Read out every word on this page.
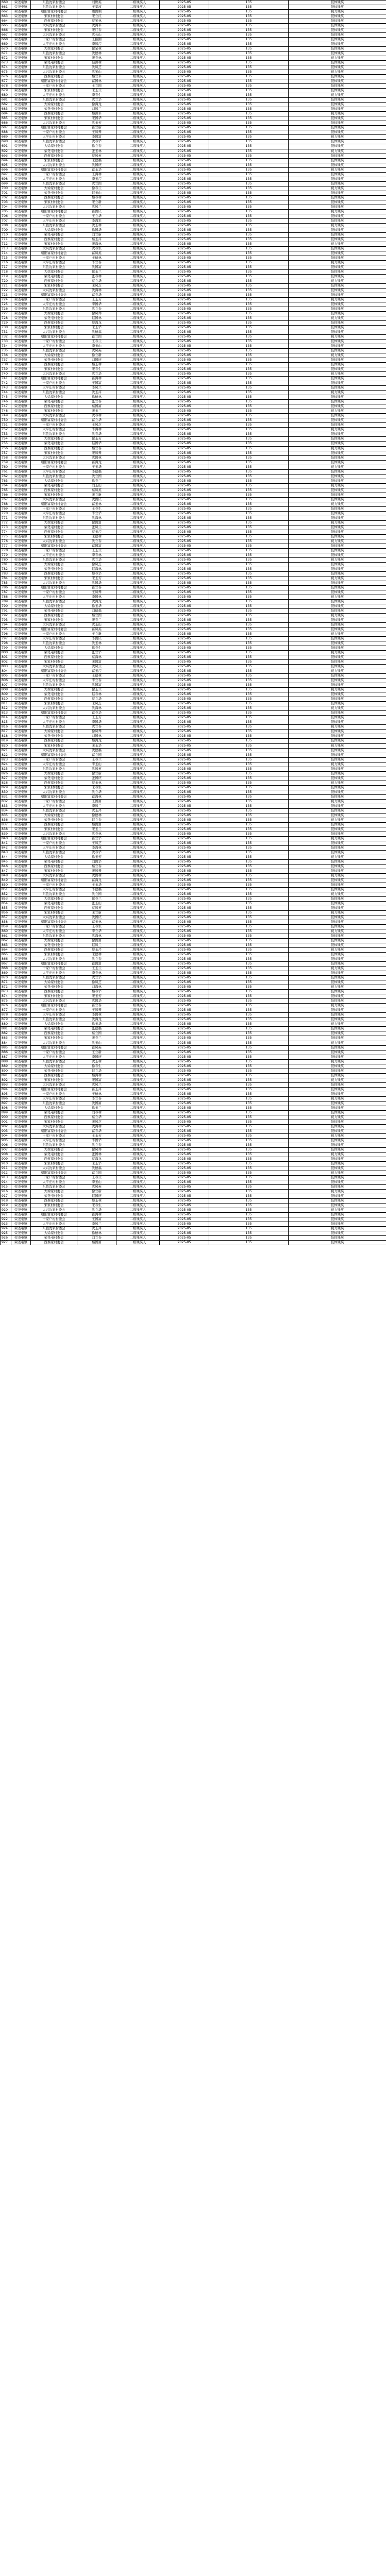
660	荣尧屯镇	东胜沈家村委会	刘世英	二级残疾人	2025-05	135	肢体残疾
661	荣尧屯镇	东胜沈家村委会	王景波	二级残疾人	2025-05	135	肢体残疾
662	荣尧屯镇	朝阳富家村村委会	鲍国顺	二级残疾人	2025-05	135	视力残疾
663	荣尧屯镇	宋家村村委会	宋立红	二级残疾人	2025-05	135	肢体残疾
664	荣尧屯镇	西蔡家村委会	蔡宝林	二级残疾人	2025-05	135	肢体残疾
665	荣尧屯镇	大兴沈家村委会	沈海军	二级残疾人	2025-05	135	肢体残疾
666	荣尧屯镇	宋家村村委会	宋红春	二级残疾人	2025-05	135	肢体残疾
667	荣尧屯镇	大兴沈家村委会	沈长山	二级残疾人	2025-05	135	肢体残疾
668	荣尧屯镇	十家户村村委会	王振刚	二级残疾人	2025-05	135	肢体残疾
669	荣尧屯镇	太平庄村村委会	李凤芹	二级残疾人	2025-05	135	肢体残疾
670	荣尧屯镇	大徐家村委会	徐宝林	二级残疾人	2025-05	135	肢体残疾
671	荣尧屯镇	东胜沈家村委会	沈德林	二级残疾人	2025-05	135	肢体残疾
672	荣尧屯镇	宋家村村委会	宋春林	二级残疾人	2025-05	135	视力残疾
673	荣尧屯镇	荣尧屯村委会	赵洪林	二级残疾人	2025-05	135	肢体残疾
674	荣尧屯镇	东胜沈家村委会	沈凤芝	二级残疾人	2025-05	135	肢体残疾
675	荣尧屯镇	大兴沈家村委会	沈宝山	二级残疾人	2025-05	135	视力残疾
676	荣尧屯镇	西蔡家村委会	蔡立军	二级残疾人	2025-05	135	肢体残疾
677	荣尧屯镇	朝阳富家村村委会	富国林	二级残疾人	2025-05	135	肢体残疾
678	荣尧屯镇	十家户村村委会	王立国	二级残疾人	2025-05	135	肢体残疾
679	荣尧屯镇	宋家村村委会	宋玉兰	二级残疾人	2025-05	135	肢体残疾
680	荣尧屯镇	太平庄村村委会	李春生	二级残疾人	2025-05	135	视力残疾
681	荣尧屯镇	东胜沈家村委会	沈立华	二级残疾人	2025-05	135	肢体残疾
682	荣尧屯镇	大徐家村委会	徐海龙	二级残疾人	2025-05	135	肢体残疾
683	荣尧屯镇	荣尧屯村委会	刘凤兰	二级残疾人	2025-05	135	肢体残疾
684	荣尧屯镇	西蔡家村委会	蔡洪军	二级残疾人	2025-05	135	视力残疾
685	荣尧屯镇	宋家村村委会	宋国华	二级残疾人	2025-05	135	肢体残疾
686	荣尧屯镇	大兴沈家村委会	沈玉芳	二级残疾人	2025-05	135	肢体残疾
687	荣尧屯镇	朝阳富家村村委会	富立新	二级残疾人	2025-05	135	肢体残疾
688	荣尧屯镇	十家户村村委会	王凤琴	二级残疾人	2025-05	135	肢体残疾
689	荣尧屯镇	太平庄村村委会	李国富	二级残疾人	2025-05	135	视力残疾
690	荣尧屯镇	东胜沈家村委会	沈春华	二级残疾人	2025-05	135	肢体残疾
691	荣尧屯镇	大徐家村委会	徐立春	二级残疾人	2025-05	135	肢体残疾
692	荣尧屯镇	荣尧屯村委会	张玉林	二级残疾人	2025-05	135	视力残疾
693	荣尧屯镇	西蔡家村委会	蔡凤英	二级残疾人	2025-05	135	肢体残疾
694	荣尧屯镇	宋家村村委会	宋德福	二级残疾人	2025-05	135	肢体残疾
695	荣尧屯镇	大兴沈家村委会	沈国庆	二级残疾人	2025-05	135	肢体残疾
696	荣尧屯镇	朝阳富家村村委会	富玉华	二级残疾人	2025-05	135	视力残疾
697	荣尧屯镇	十家户村村委会	王海林	二级残疾人	2025-05	135	肢体残疾
698	荣尧屯镇	太平庄村村委会	李玉芹	二级残疾人	2025-05	135	肢体残疾
699	荣尧屯镇	东胜沈家村委会	沈立国	二级残疾人	2025-05	135	肢体残疾
700	荣尧屯镇	大徐家村委会	徐春兰	二级残疾人	2025-05	135	视力残疾
701	荣尧屯镇	荣尧屯村委会	赵玉山	二级残疾人	2025-05	135	肢体残疾
702	荣尧屯镇	西蔡家村委会	蔡春林	二级残疾人	2025-05	135	肢体残疾
703	荣尧屯镇	宋家村村委会	宋立新	二级残疾人	2025-05	135	肢体残疾
704	荣尧屯镇	大兴沈家村委会	沈凤兰	二级残疾人	2025-05	135	肢体残疾
705	荣尧屯镇	朝阳富家村村委会	富国庆	二级残疾人	2025-05	135	视力残疾
706	荣尧屯镇	十家户村村委会	王立华	二级残疾人	2025-05	135	肢体残疾
707	荣尧屯镇	太平庄村村委会	李海军	二级残疾人	2025-05	135	肢体残疾
708	荣尧屯镇	东胜沈家村委会	沈玉林	二级残疾人	2025-05	135	视力残疾
709	荣尧屯镇	大徐家村委会	徐国华	二级残疾人	2025-05	135	肢体残疾
710	荣尧屯镇	荣尧屯村委会	刘立新	二级残疾人	2025-05	135	肢体残疾
711	荣尧屯镇	西蔡家村委会	蔡玉芹	二级残疾人	2025-05	135	肢体残疾
712	荣尧屯镇	宋家村村委会	宋海林	二级残疾人	2025-05	135	视力残疾
713	荣尧屯镇	大兴沈家村委会	沈春生	二级残疾人	2025-05	135	肢体残疾
714	荣尧屯镇	朝阳富家村村委会	富凤英	二级残疾人	2025-05	135	肢体残疾
715	荣尧屯镇	十家户村村委会	王德林	二级残疾人	2025-05	135	肢体残疾
716	荣尧屯镇	太平庄村村委会	李立春	二级残疾人	2025-05	135	视力残疾
717	荣尧屯镇	东胜沈家村委会	沈国富	二级残疾人	2025-05	135	肢体残疾
718	荣尧屯镇	大徐家村委会	徐玉兰	二级残疾人	2025-05	135	肢体残疾
719	荣尧屯镇	荣尧屯村委会	张春林	二级残疾人	2025-05	135	肢体残疾
720	荣尧屯镇	西蔡家村委会	蔡立华	二级残疾人	2025-05	135	视力残疾
721	荣尧屯镇	宋家村村委会	宋凤芝	二级残疾人	2025-05	135	肢体残疾
722	荣尧屯镇	大兴沈家村委会	沈海林	二级残疾人	2025-05	135	肢体残疾
723	荣尧屯镇	朝阳富家村村委会	富春华	二级残疾人	2025-05	135	肢体残疾
724	荣尧屯镇	十家户村村委会	王玉芳	二级残疾人	2025-05	135	视力残疾
725	荣尧屯镇	太平庄村村委会	李国华	二级残疾人	2025-05	135	肢体残疾
726	荣尧屯镇	东胜沈家村委会	沈立春	二级残疾人	2025-05	135	肢体残疾
727	荣尧屯镇	大徐家村委会	徐凤琴	二级残疾人	2025-05	135	肢体残疾
728	荣尧屯镇	荣尧屯村委会	赵国林	二级残疾人	2025-05	135	视力残疾
729	荣尧屯镇	西蔡家村委会	蔡海龙	二级残疾人	2025-05	135	肢体残疾
730	荣尧屯镇	宋家村村委会	宋玉华	二级残疾人	2025-05	135	肢体残疾
731	荣尧屯镇	大兴沈家村委会	沈德福	二级残疾人	2025-05	135	肢体残疾
732	荣尧屯镇	朝阳富家村村委会	富立国	二级残疾人	2025-05	135	视力残疾
733	荣尧屯镇	十家户村村委会	王春兰	二级残疾人	2025-05	135	肢体残疾
734	荣尧屯镇	太平庄村村委会	李玉山	二级残疾人	2025-05	135	肢体残疾
735	荣尧屯镇	东胜沈家村委会	沈凤英	二级残疾人	2025-05	135	肢体残疾
736	荣尧屯镇	大徐家村委会	徐立新	二级残疾人	2025-05	135	视力残疾
737	荣尧屯镇	荣尧屯村委会	刘国庆	二级残疾人	2025-05	135	肢体残疾
738	荣尧屯镇	西蔡家村委会	蔡玉林	二级残疾人	2025-05	135	肢体残疾
739	荣尧屯镇	宋家村村委会	宋春生	二级残疾人	2025-05	135	肢体残疾
740	荣尧屯镇	大兴沈家村委会	沈立华	二级残疾人	2025-05	135	视力残疾
741	荣尧屯镇	朝阳富家村村委会	富海林	二级残疾人	2025-05	135	肢体残疾
742	荣尧屯镇	十家户村村委会	王国富	二级残疾人	2025-05	135	肢体残疾
743	荣尧屯镇	太平庄村村委会	李凤兰	二级残疾人	2025-05	135	肢体残疾
744	荣尧屯镇	东胜沈家村委会	沈玉芹	二级残疾人	2025-05	135	视力残疾
745	荣尧屯镇	大徐家村委会	徐德林	二级残疾人	2025-05	135	肢体残疾
746	荣尧屯镇	荣尧屯村委会	张立春	二级残疾人	2025-05	135	肢体残疾
747	荣尧屯镇	西蔡家村委会	蔡国富	二级残疾人	2025-05	135	肢体残疾
748	荣尧屯镇	宋家村村委会	宋玉兰	二级残疾人	2025-05	135	视力残疾
749	荣尧屯镇	大兴沈家村委会	沈春林	二级残疾人	2025-05	135	肢体残疾
750	荣尧屯镇	朝阳富家村村委会	富立华	二级残疾人	2025-05	135	肢体残疾
751	荣尧屯镇	十家户村村委会	王凤芝	二级残疾人	2025-05	135	肢体残疾
752	荣尧屯镇	太平庄村村委会	李海林	二级残疾人	2025-05	135	视力残疾
753	荣尧屯镇	东胜沈家村委会	沈春华	二级残疾人	2025-05	135	肢体残疾
754	荣尧屯镇	大徐家村委会	徐玉芳	二级残疾人	2025-05	135	肢体残疾
755	荣尧屯镇	荣尧屯村委会	赵国华	二级残疾人	2025-05	135	肢体残疾
756	荣尧屯镇	西蔡家村委会	蔡立春	二级残疾人	2025-05	135	视力残疾
757	荣尧屯镇	宋家村村委会	宋凤琴	二级残疾人	2025-05	135	肢体残疾
758	荣尧屯镇	大兴沈家村委会	沈国林	二级残疾人	2025-05	135	肢体残疾
759	荣尧屯镇	朝阳富家村村委会	富海龙	二级残疾人	2025-05	135	肢体残疾
760	荣尧屯镇	十家户村村委会	王玉华	二级残疾人	2025-05	135	视力残疾
761	荣尧屯镇	太平庄村村委会	李德福	二级残疾人	2025-05	135	肢体残疾
762	荣尧屯镇	东胜沈家村委会	沈立国	二级残疾人	2025-05	135	肢体残疾
763	荣尧屯镇	大徐家村委会	徐春兰	二级残疾人	2025-05	135	肢体残疾
764	荣尧屯镇	荣尧屯村委会	刘玉山	二级残疾人	2025-05	135	视力残疾
765	荣尧屯镇	西蔡家村委会	蔡凤英	二级残疾人	2025-05	135	肢体残疾
766	荣尧屯镇	宋家村村委会	宋立新	二级残疾人	2025-05	135	肢体残疾
767	荣尧屯镇	大兴沈家村委会	沈国庆	二级残疾人	2025-05	135	肢体残疾
768	荣尧屯镇	朝阳富家村村委会	富玉林	二级残疾人	2025-05	135	视力残疾
769	荣尧屯镇	十家户村村委会	王春生	二级残疾人	2025-05	135	肢体残疾
770	荣尧屯镇	太平庄村村委会	李立华	二级残疾人	2025-05	135	肢体残疾
771	荣尧屯镇	东胜沈家村委会	沈海林	二级残疾人	2025-05	135	肢体残疾
772	荣尧屯镇	大徐家村委会	徐国富	二级残疾人	2025-05	135	视力残疾
773	荣尧屯镇	荣尧屯村委会	张凤兰	二级残疾人	2025-05	135	肢体残疾
774	荣尧屯镇	西蔡家村委会	蔡玉芹	二级残疾人	2025-05	135	肢体残疾
775	荣尧屯镇	宋家村村委会	宋德林	二级残疾人	2025-05	135	肢体残疾
776	荣尧屯镇	大兴沈家村委会	沈立春	二级残疾人	2025-05	135	视力残疾
777	荣尧屯镇	朝阳富家村村委会	富国富	二级残疾人	2025-05	135	肢体残疾
778	荣尧屯镇	十家户村村委会	王玉兰	二级残疾人	2025-05	135	肢体残疾
779	荣尧屯镇	太平庄村村委会	李春林	二级残疾人	2025-05	135	肢体残疾
780	荣尧屯镇	东胜沈家村委会	沈立华	二级残疾人	2025-05	135	视力残疾
781	荣尧屯镇	大徐家村委会	徐凤芝	二级残疾人	2025-05	135	肢体残疾
782	荣尧屯镇	荣尧屯村委会	赵海林	二级残疾人	2025-05	135	肢体残疾
783	荣尧屯镇	西蔡家村委会	蔡春华	二级残疾人	2025-05	135	肢体残疾
784	荣尧屯镇	宋家村村委会	宋玉芳	二级残疾人	2025-05	135	视力残疾
785	荣尧屯镇	大兴沈家村委会	沈国华	二级残疾人	2025-05	135	肢体残疾
786	荣尧屯镇	朝阳富家村村委会	富立春	二级残疾人	2025-05	135	肢体残疾
787	荣尧屯镇	十家户村村委会	王凤琴	二级残疾人	2025-05	135	肢体残疾
788	荣尧屯镇	太平庄村村委会	李国林	二级残疾人	2025-05	135	视力残疾
789	荣尧屯镇	东胜沈家村委会	沈海龙	二级残疾人	2025-05	135	肢体残疾
790	荣尧屯镇	大徐家村委会	徐玉华	二级残疾人	2025-05	135	肢体残疾
791	荣尧屯镇	荣尧屯村委会	刘德福	二级残疾人	2025-05	135	肢体残疾
792	荣尧屯镇	西蔡家村委会	蔡立国	二级残疾人	2025-05	135	视力残疾
793	荣尧屯镇	宋家村村委会	宋春兰	二级残疾人	2025-05	135	肢体残疾
794	荣尧屯镇	大兴沈家村委会	沈玉山	二级残疾人	2025-05	135	肢体残疾
795	荣尧屯镇	朝阳富家村村委会	富凤英	二级残疾人	2025-05	135	肢体残疾
796	荣尧屯镇	十家户村村委会	王立新	二级残疾人	2025-05	135	视力残疾
797	荣尧屯镇	太平庄村村委会	李国庆	二级残疾人	2025-05	135	肢体残疾
798	荣尧屯镇	东胜沈家村委会	沈玉林	二级残疾人	2025-05	135	肢体残疾
799	荣尧屯镇	大徐家村委会	徐春生	二级残疾人	2025-05	135	肢体残疾
800	荣尧屯镇	荣尧屯村委会	张立华	二级残疾人	2025-05	135	视力残疾
801	荣尧屯镇	西蔡家村委会	蔡海林	二级残疾人	2025-05	135	肢体残疾
802	荣尧屯镇	宋家村村委会	宋国富	二级残疾人	2025-05	135	肢体残疾
803	荣尧屯镇	大兴沈家村委会	沈凤兰	二级残疾人	2025-05	135	肢体残疾
804	荣尧屯镇	朝阳富家村村委会	富玉芹	二级残疾人	2025-05	135	视力残疾
805	荣尧屯镇	十家户村村委会	王德林	二级残疾人	2025-05	135	肢体残疾
806	荣尧屯镇	太平庄村村委会	李立春	二级残疾人	2025-05	135	肢体残疾
807	荣尧屯镇	东胜沈家村委会	沈国富	二级残疾人	2025-05	135	肢体残疾
808	荣尧屯镇	大徐家村委会	徐玉兰	二级残疾人	2025-05	135	视力残疾
809	荣尧屯镇	荣尧屯村委会	赵春林	二级残疾人	2025-05	135	肢体残疾
810	荣尧屯镇	西蔡家村委会	蔡立华	二级残疾人	2025-05	135	肢体残疾
811	荣尧屯镇	宋家村村委会	宋凤芝	二级残疾人	2025-05	135	肢体残疾
812	荣尧屯镇	大兴沈家村委会	沈海林	二级残疾人	2025-05	135	视力残疾
813	荣尧屯镇	朝阳富家村村委会	富春华	二级残疾人	2025-05	135	肢体残疾
814	荣尧屯镇	十家户村村委会	王玉芳	二级残疾人	2025-05	135	肢体残疾
815	荣尧屯镇	太平庄村村委会	李国华	二级残疾人	2025-05	135	肢体残疾
816	荣尧屯镇	东胜沈家村委会	沈立春	二级残疾人	2025-05	135	视力残疾
817	荣尧屯镇	大徐家村委会	徐凤琴	二级残疾人	2025-05	135	肢体残疾
818	荣尧屯镇	荣尧屯村委会	刘国林	二级残疾人	2025-05	135	肢体残疾
819	荣尧屯镇	西蔡家村委会	蔡海龙	二级残疾人	2025-05	135	肢体残疾
820	荣尧屯镇	宋家村村委会	宋玉华	二级残疾人	2025-05	135	视力残疾
821	荣尧屯镇	大兴沈家村委会	沈德福	二级残疾人	2025-05	135	肢体残疾
822	荣尧屯镇	朝阳富家村村委会	富立国	二级残疾人	2025-05	135	肢体残疾
823	荣尧屯镇	十家户村村委会	王春兰	二级残疾人	2025-05	135	肢体残疾
824	荣尧屯镇	太平庄村村委会	李玉山	二级残疾人	2025-05	135	视力残疾
825	荣尧屯镇	东胜沈家村委会	沈凤英	二级残疾人	2025-05	135	肢体残疾
826	荣尧屯镇	大徐家村委会	徐立新	二级残疾人	2025-05	135	肢体残疾
827	荣尧屯镇	荣尧屯村委会	张国庆	二级残疾人	2025-05	135	肢体残疾
828	荣尧屯镇	西蔡家村委会	蔡玉林	二级残疾人	2025-05	135	视力残疾
829	荣尧屯镇	宋家村村委会	宋春生	二级残疾人	2025-05	135	肢体残疾
830	荣尧屯镇	大兴沈家村委会	沈立华	二级残疾人	2025-05	135	肢体残疾
831	荣尧屯镇	朝阳富家村村委会	富海林	二级残疾人	2025-05	135	肢体残疾
832	荣尧屯镇	十家户村村委会	王国富	二级残疾人	2025-05	135	视力残疾
833	荣尧屯镇	太平庄村村委会	李凤兰	二级残疾人	2025-05	135	肢体残疾
834	荣尧屯镇	东胜沈家村委会	沈玉芹	二级残疾人	2025-05	135	肢体残疾
835	荣尧屯镇	大徐家村委会	徐德林	二级残疾人	2025-05	135	肢体残疾
836	荣尧屯镇	荣尧屯村委会	赵立春	二级残疾人	2025-05	135	视力残疾
837	荣尧屯镇	西蔡家村委会	蔡国富	二级残疾人	2025-05	135	肢体残疾
838	荣尧屯镇	宋家村村委会	宋玉兰	二级残疾人	2025-05	135	肢体残疾
839	荣尧屯镇	大兴沈家村委会	沈春林	二级残疾人	2025-05	135	肢体残疾
840	荣尧屯镇	朝阳富家村村委会	富立华	二级残疾人	2025-05	135	视力残疾
841	荣尧屯镇	十家户村村委会	王凤芝	二级残疾人	2025-05	135	肢体残疾
842	荣尧屯镇	太平庄村村委会	李海林	二级残疾人	2025-05	135	肢体残疾
843	荣尧屯镇	东胜沈家村委会	沈春华	二级残疾人	2025-05	135	肢体残疾
844	荣尧屯镇	大徐家村委会	徐玉芳	二级残疾人	2025-05	135	视力残疾
845	荣尧屯镇	荣尧屯村委会	刘国华	二级残疾人	2025-05	135	肢体残疾
846	荣尧屯镇	西蔡家村委会	蔡立春	二级残疾人	2025-05	135	肢体残疾
847	荣尧屯镇	宋家村村委会	宋凤琴	二级残疾人	2025-05	135	肢体残疾
848	荣尧屯镇	大兴沈家村委会	沈国林	二级残疾人	2025-05	135	视力残疾
849	荣尧屯镇	朝阳富家村村委会	富海龙	二级残疾人	2025-05	135	肢体残疾
850	荣尧屯镇	十家户村村委会	王玉华	二级残疾人	2025-05	135	肢体残疾
851	荣尧屯镇	太平庄村村委会	李德福	二级残疾人	2025-05	135	肢体残疾
852	荣尧屯镇	东胜沈家村委会	沈立国	二级残疾人	2025-05	135	视力残疾
853	荣尧屯镇	大徐家村委会	徐春兰	二级残疾人	2025-05	135	肢体残疾
854	荣尧屯镇	荣尧屯村委会	张玉山	二级残疾人	2025-05	135	肢体残疾
855	荣尧屯镇	西蔡家村委会	蔡凤英	二级残疾人	2025-05	135	肢体残疾
856	荣尧屯镇	宋家村村委会	宋立新	二级残疾人	2025-05	135	视力残疾
857	荣尧屯镇	大兴沈家村委会	沈国庆	二级残疾人	2025-05	135	肢体残疾
858	荣尧屯镇	朝阳富家村村委会	富玉林	二级残疾人	2025-05	135	肢体残疾
859	荣尧屯镇	十家户村村委会	王春生	二级残疾人	2025-05	135	肢体残疾
860	荣尧屯镇	太平庄村村委会	李立华	二级残疾人	2025-05	135	视力残疾
861	荣尧屯镇	东胜沈家村委会	沈海林	二级残疾人	2025-05	135	肢体残疾
862	荣尧屯镇	大徐家村委会	徐国富	二级残疾人	2025-05	135	肢体残疾
863	荣尧屯镇	荣尧屯村委会	赵凤兰	二级残疾人	2025-05	135	肢体残疾
864	荣尧屯镇	西蔡家村委会	蔡玉芹	二级残疾人	2025-05	135	视力残疾
865	荣尧屯镇	宋家村村委会	宋德林	二级残疾人	2025-05	135	肢体残疾
866	荣尧屯镇	大兴沈家村委会	沈立春	二级残疾人	2025-05	135	肢体残疾
867	荣尧屯镇	朝阳富家村村委会	富国富	二级残疾人	2025-05	135	肢体残疾
868	荣尧屯镇	十家户村村委会	王玉兰	二级残疾人	2025-05	135	视力残疾
869	荣尧屯镇	太平庄村村委会	李春林	二级残疾人	2025-05	135	肢体残疾
870	荣尧屯镇	东胜沈家村委会	沈立华	二级残疾人	2025-05	135	肢体残疾
871	荣尧屯镇	大徐家村委会	徐凤芝	二级残疾人	2025-05	135	肢体残疾
872	荣尧屯镇	荣尧屯村委会	刘海林	二级残疾人	2025-05	135	视力残疾
873	荣尧屯镇	西蔡家村委会	蔡春华	二级残疾人	2025-05	135	肢体残疾
874	荣尧屯镇	宋家村村委会	宋玉芳	二级残疾人	2025-05	135	肢体残疾
875	荣尧屯镇	大兴沈家村委会	沈国华	二级残疾人	2025-05	135	肢体残疾
876	荣尧屯镇	朝阳富家村村委会	富立春	二级残疾人	2025-05	135	视力残疾
877	荣尧屯镇	十家户村村委会	王凤琴	二级残疾人	2025-05	135	肢体残疾
878	荣尧屯镇	太平庄村村委会	李国林	二级残疾人	2025-05	135	肢体残疾
879	荣尧屯镇	东胜沈家村委会	沈海龙	二级残疾人	2025-05	135	肢体残疾
880	荣尧屯镇	大徐家村委会	徐玉华	二级残疾人	2025-05	135	视力残疾
881	荣尧屯镇	荣尧屯村委会	张德福	二级残疾人	2025-05	135	肢体残疾
882	荣尧屯镇	西蔡家村委会	蔡立国	二级残疾人	2025-05	135	肢体残疾
883	荣尧屯镇	宋家村村委会	宋春兰	二级残疾人	2025-05	135	肢体残疾
884	荣尧屯镇	大兴沈家村委会	沈玉山	二级残疾人	2025-05	135	视力残疾
885	荣尧屯镇	朝阳富家村村委会	富凤英	二级残疾人	2025-05	135	肢体残疾
886	荣尧屯镇	十家户村村委会	王立新	二级残疾人	2025-05	135	肢体残疾
887	荣尧屯镇	太平庄村村委会	李国庆	二级残疾人	2025-05	135	肢体残疾
888	荣尧屯镇	东胜沈家村委会	沈玉林	二级残疾人	2025-05	135	视力残疾
889	荣尧屯镇	大徐家村委会	徐春生	二级残疾人	2025-05	135	肢体残疾
890	荣尧屯镇	荣尧屯村委会	赵立华	二级残疾人	2025-05	135	肢体残疾
891	荣尧屯镇	西蔡家村委会	蔡海林	二级残疾人	2025-05	135	肢体残疾
892	荣尧屯镇	宋家村村委会	宋国富	二级残疾人	2025-05	135	视力残疾
893	荣尧屯镇	大兴沈家村委会	沈凤兰	二级残疾人	2025-05	135	肢体残疾
894	荣尧屯镇	朝阳富家村村委会	富玉芹	二级残疾人	2025-05	135	肢体残疾
895	荣尧屯镇	十家户村村委会	王德林	二级残疾人	2025-05	135	肢体残疾
896	荣尧屯镇	太平庄村村委会	李立春	二级残疾人	2025-05	135	视力残疾
897	荣尧屯镇	东胜沈家村委会	沈国富	二级残疾人	2025-05	135	肢体残疾
898	荣尧屯镇	大徐家村委会	徐玉兰	二级残疾人	2025-05	135	肢体残疾
899	荣尧屯镇	荣尧屯村委会	刘春林	二级残疾人	2025-05	135	肢体残疾
900	荣尧屯镇	西蔡家村委会	蔡立华	二级残疾人	2025-05	135	视力残疾
901	荣尧屯镇	宋家村村委会	宋凤芝	二级残疾人	2025-05	135	肢体残疾
902	荣尧屯镇	大兴沈家村委会	沈海林	二级残疾人	2025-05	135	肢体残疾
903	荣尧屯镇	朝阳富家村村委会	富春华	二级残疾人	2025-05	135	肢体残疾
904	荣尧屯镇	十家户村村委会	王玉芳	二级残疾人	2025-05	135	视力残疾
905	荣尧屯镇	太平庄村村委会	李国华	二级残疾人	2025-05	135	肢体残疾
906	荣尧屯镇	东胜沈家村委会	沈立春	二级残疾人	2025-05	135	肢体残疾
907	荣尧屯镇	大徐家村委会	徐凤琴	二级残疾人	2025-05	135	肢体残疾
908	荣尧屯镇	荣尧屯村委会	张国林	二级残疾人	2025-05	135	视力残疾
909	荣尧屯镇	西蔡家村委会	蔡海龙	二级残疾人	2025-05	135	肢体残疾
910	荣尧屯镇	宋家村村委会	宋玉华	二级残疾人	2025-05	135	肢体残疾
911	荣尧屯镇	大兴沈家村委会	沈德福	二级残疾人	2025-05	135	肢体残疾
912	荣尧屯镇	朝阳富家村村委会	富立国	二级残疾人	2025-05	135	视力残疾
913	荣尧屯镇	十家户村村委会	王春兰	二级残疾人	2025-05	135	肢体残疾
914	荣尧屯镇	太平庄村村委会	李玉山	二级残疾人	2025-05	135	肢体残疾
915	荣尧屯镇	东胜沈家村委会	沈凤英	二级残疾人	2025-05	135	肢体残疾
916	荣尧屯镇	大徐家村委会	徐立新	二级残疾人	2025-05	135	视力残疾
917	荣尧屯镇	荣尧屯村委会	赵国庆	二级残疾人	2025-05	135	肢体残疾
918	荣尧屯镇	西蔡家村委会	蔡玉林	二级残疾人	2025-05	135	肢体残疾
919	荣尧屯镇	宋家村村委会	宋春生	二级残疾人	2025-05	135	肢体残疾
920	荣尧屯镇	大兴沈家村委会	沈立华	二级残疾人	2025-05	135	视力残疾
921	荣尧屯镇	朝阳富家村村委会	富海林	二级残疾人	2025-05	135	肢体残疾
922	荣尧屯镇	十家户村村委会	王国富	二级残疾人	2025-05	135	肢体残疾
923	荣尧屯镇	太平庄村村委会	李凤兰	二级残疾人	2025-05	135	肢体残疾
924	荣尧屯镇	东胜沈家村委会	沈玉芹	二级残疾人	2025-05	135	视力残疾
925	荣尧屯镇	大徐家村委会	徐德林	二级残疾人	2025-05	135	肢体残疾
926	荣尧屯镇	荣尧屯村委会	刘立春	二级残疾人	2025-05	135	肢体残疾
927	荣尧屯镇	西蔡家村委会	蔡国富	二级残疾人	2025-05	135	肢体残疾
